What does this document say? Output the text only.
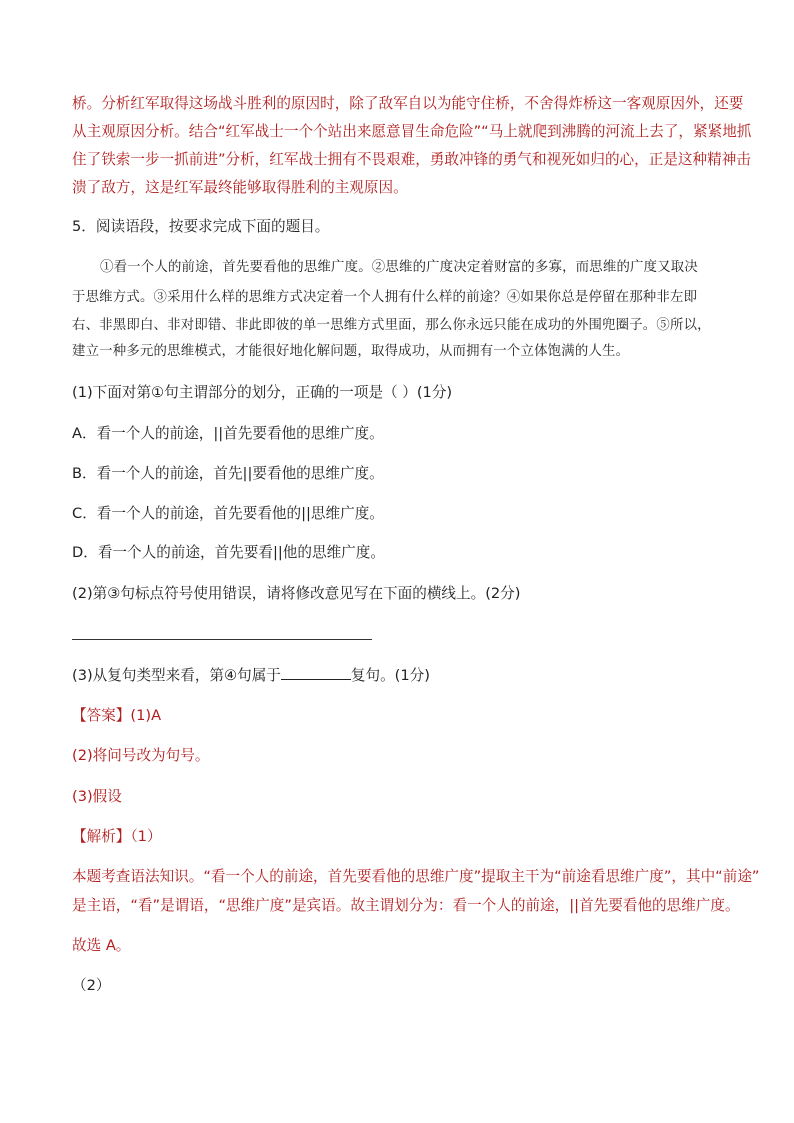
桥。分析红军取得这场战斗胜利的原因时，除了敌军自以为能守住桥，不舍得炸桥这一客观原因外，还要
从主观原因分析。结合“红军战士一个个站出来愿意冒生命危险”“马上就爬到沸腾的河流上去了，紧紧地抓
住了铁索一步一抓前进”分析，红军战士拥有不畏艰难，勇敢冲锋的勇气和视死如归的心，正是这种精神击
溃了敌方，这是红军最终能够取得胜利的主观原因。
5．阅读语段，按要求完成下面的题目。
①看一个人的前途，首先要看他的思维广度。②思维的广度决定着财富的多寡，而思维的广度又取决
于思维方式。③采用什么样的思维方式决定着一个人拥有什么样的前途？④如果你总是停留在那种非左即
右、非黑即白、非对即错、非此即彼的单一思维方式里面，那么你永远只能在成功的外围兜圈子。⑤所以，
建立一种多元的思维模式，才能很好地化解问题，取得成功，从而拥有一个立体饱满的人生。
(1)下面对第①句主谓部分的划分，正确的一项是（ ）(1分)
A．看一个人的前途，||首先要看他的思维广度。
B．看一个人的前途，首先||要看他的思维广度。
C．看一个人的前途，首先要看他的||思维广度。
D．看一个人的前途，首先要看||他的思维广度。
(2)第③句标点符号使用错误，请将修改意见写在下面的横线上。(2分)
(3)从复句类型来看，第④句属于	复句。(1分)
【答案】(1)A
(2)将问号改为句号。
(3)假设
【解析】（1）
本题考查语法知识。“看一个人的前途，首先要看他的思维广度”提取主干为“前途看思维广度”，其中“前途”
是主语，“看”是谓语，“思维广度”是宾语。故主谓划分为：看一个人的前途，||首先要看他的思维广度。
故选 A。
（2）
